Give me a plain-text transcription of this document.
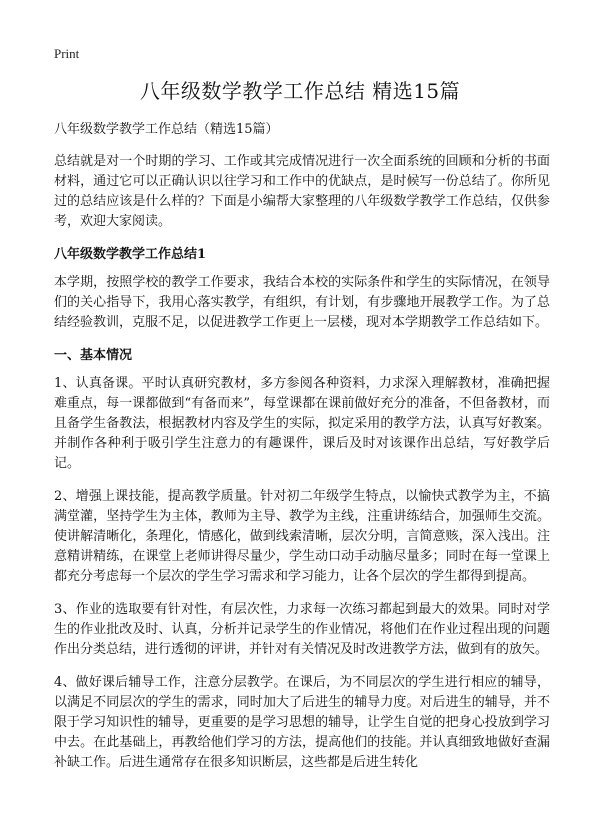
Print
八年级数学教学工作总结 精选15篇

八年级数学教学工作总结（精选15篇）

总结就是对一个时期的学习、工作或其完成情况进行一次全面系统的回顾和分析的书面材料，通过它可以正确认识以往学习和工作中的优缺点，是时候写一份总结了。你所见过的总结应该是什么样的？下面是小编帮大家整理的八年级数学教学工作总结，仅供参考，欢迎大家阅读。

八年级数学教学工作总结1

本学期，按照学校的教学工作要求，我结合本校的实际条件和学生的实际情况，在领导们的关心指导下，我用心落实教学，有组织，有计划，有步骤地开展教学工作。为了总结经验教训，克服不足，以促进教学工作更上一层楼，现对本学期教学工作总结如下。

一、基本情况

1、认真备课。平时认真研究教材，多方参阅各种资料，力求深入理解教材，准确把握难重点，每一课都做到“有备而来”，每堂课都在课前做好充分的准备，不但备教材，而且备学生备教法，根据教材内容及学生的实际，拟定采用的教学方法，认真写好教案。并制作各种利于吸引学生注意力的有趣课件，课后及时对该课作出总结，写好教学后记。

2、增强上课技能，提高教学质量。针对初二年级学生特点，以愉快式教学为主，不搞满堂灌，坚持学生为主体，教师为主导、教学为主线，注重讲练结合，加强师生交流。使讲解清晰化，条理化，情感化，做到线索清晰，层次分明，言简意赅，深入浅出。注意精讲精练，在课堂上老师讲得尽量少，学生动口动手动脑尽量多；同时在每一堂课上都充分考虑每一个层次的学生学习需求和学习能力，让各个层次的学生都得到提高。

3、作业的选取要有针对性，有层次性，力求每一次练习都起到最大的效果。同时对学生的作业批改及时、认真，分析并记录学生的作业情况，将他们在作业过程出现的问题作出分类总结，进行透彻的评讲，并针对有关情况及时改进教学方法，做到有的放矢。

4、做好课后辅导工作，注意分层教学。在课后，为不同层次的学生进行相应的辅导，以满足不同层次的学生的需求，同时加大了后进生的辅导力度。对后进生的辅导，并不限于学习知识性的辅导，更重要的是学习思想的辅导，让学生自觉的把身心投放到学习中去。在此基础上，再教给他们学习的方法，提高他们的技能。并认真细致地做好查漏补缺工作。后进生通常存在很多知识断层，这些都是后进生转化
